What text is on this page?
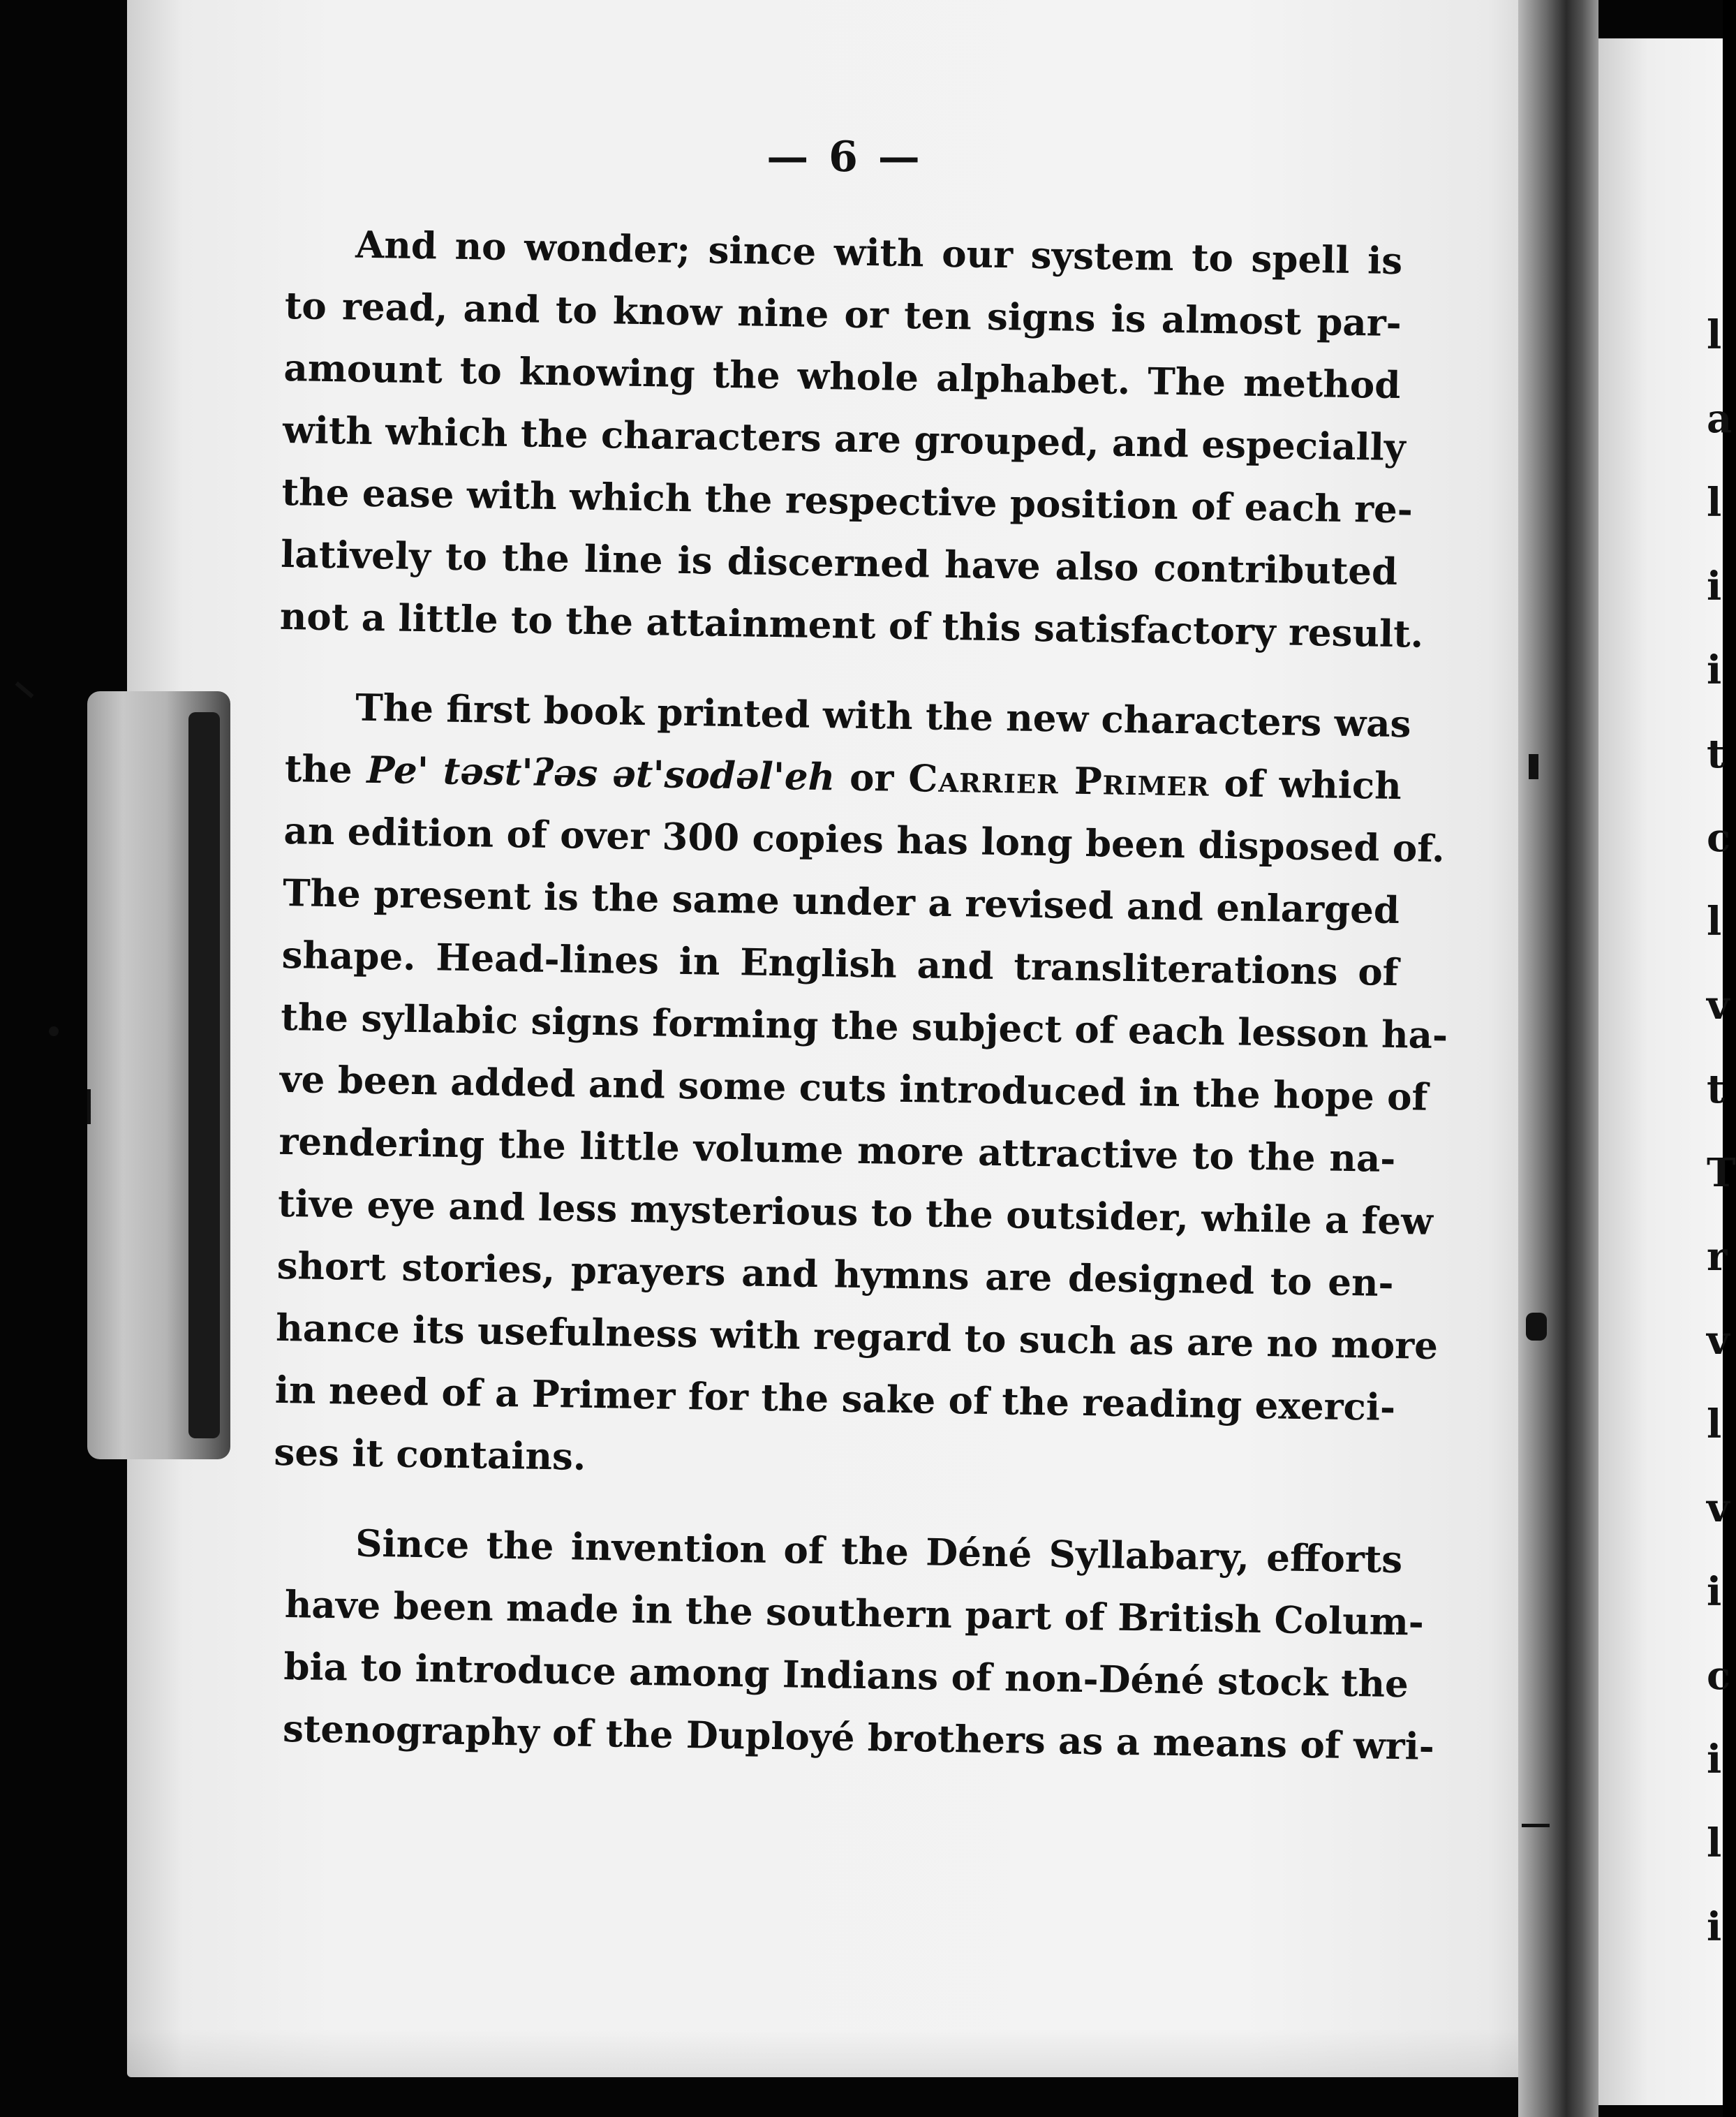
l
a
l
i
i
t
c
l
v
t
T
r
v
l
v
i
c
i
l
i
— 6 —
And no wonder; since with our system to spell is
to read, and to know nine or ten signs is almost par-
amount to knowing the whole alphabet. The method
with which the characters are grouped, and especially
the ease with which the respective position of each re-
latively to the line is discerned have also contributed
not a little to the attainment of this satisfactory result.
The first book printed with the new characters was
the Pe' təst'ʔəs ət'sodəl'eh or Carrier Primer of which
an edition of over 300 copies has long been disposed of.
The present is the same under a revised and enlarged
shape. Head-lines in English and transliterations of
the syllabic signs forming the subject of each lesson ha-
ve been added and some cuts introduced in the hope of
rendering the little volume more attractive to the na-
tive eye and less mysterious to the outsider, while a few
short stories, prayers and hymns are designed to en-
hance its usefulness with regard to such as are no more
in need of a Primer for the sake of the reading exerci-
ses it contains.
Since the invention of the Déné Syllabary, efforts
have been made in the southern part of British Colum-
bia to introduce among Indians of non-Déné stock the
stenography of the Duployé brothers as a means of wri-
